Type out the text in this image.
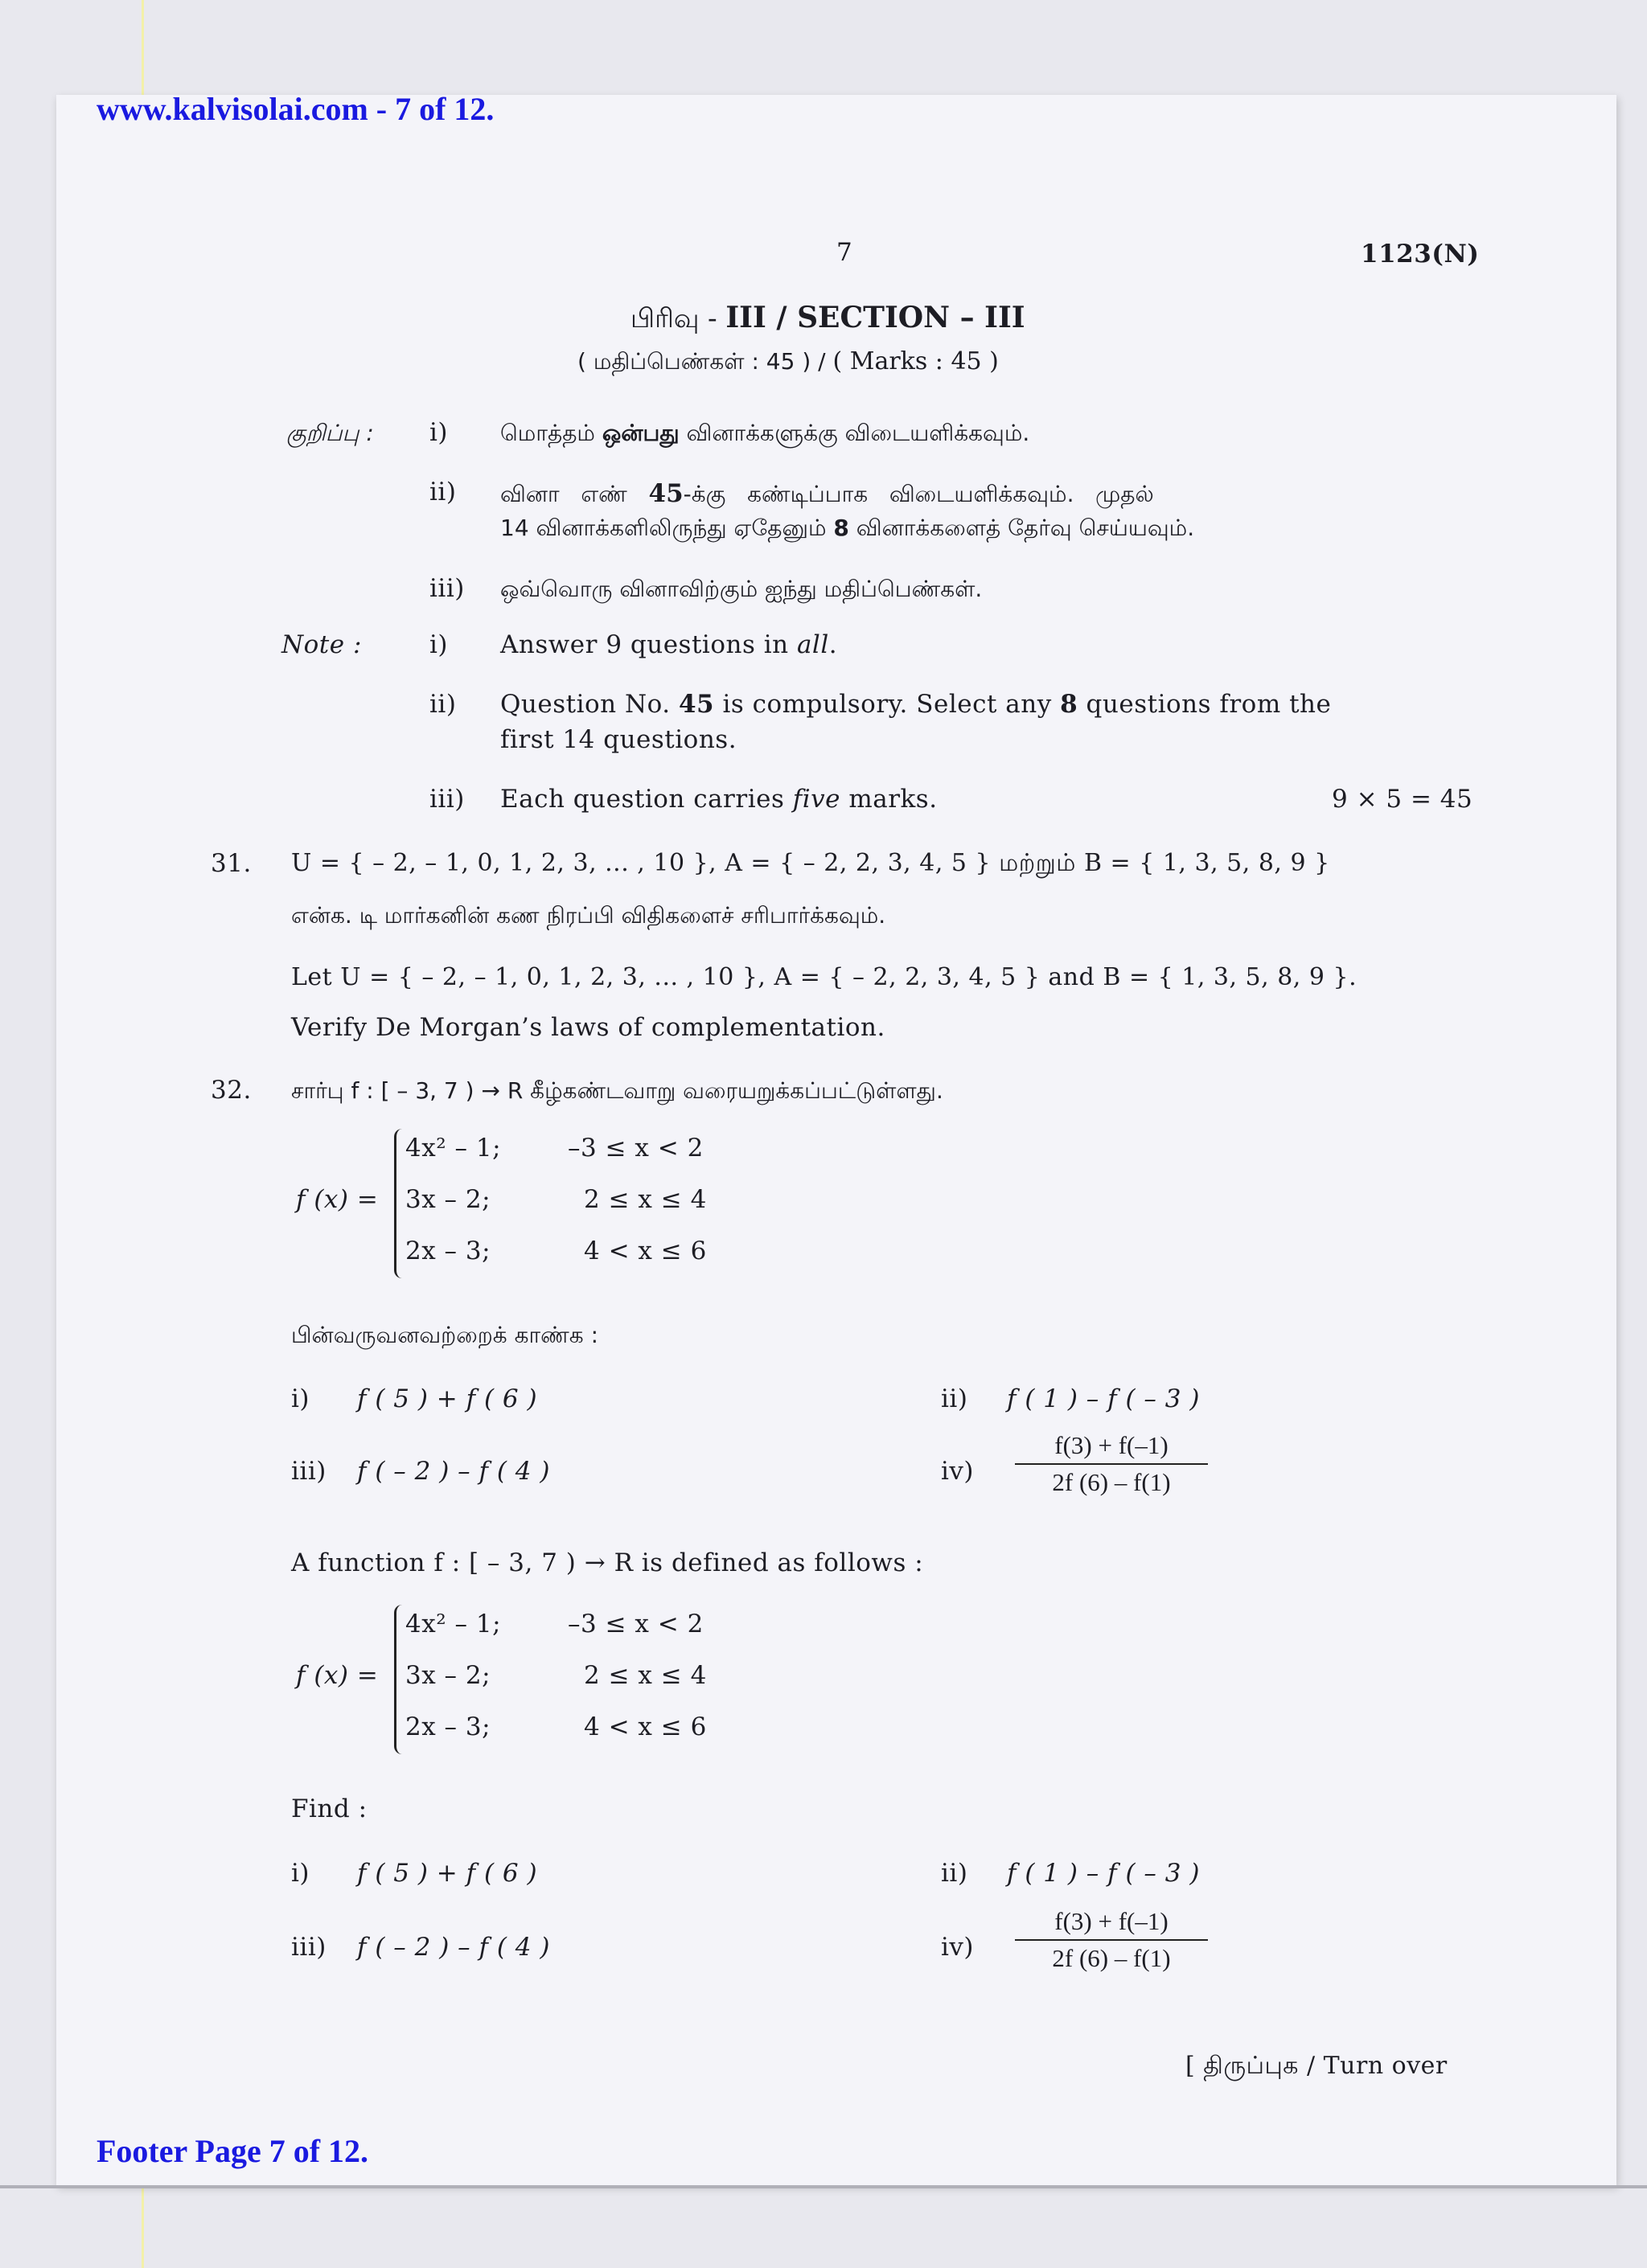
www.kalvisolai.com - 7 of 12.
7	1123(N)
பிரிவு - III / SECTION – III
( மதிப்பெண்கள் : 45 ) / ( Marks : 45 )
குறிப்பு : i) மொத்தம் ஒன்பது வினாக்களுக்கு விடையளிக்கவும்.
ii) வினா   எண்   45-க்கு   கண்டிப்பாக   விடையளிக்கவும்.   முதல்
14 வினாக்களிலிருந்து ஏதேனும் 8 வினாக்களைத் தேர்வு செய்யவும்.
iii) ஒவ்வொரு வினாவிற்கும் ஐந்து மதிப்பெண்கள்.
Note :	i) Answer 9 questions in all.
ii) Question No. 45 is compulsory. Select any 8 questions from the
first 14 questions.
iii) Each question carries five marks.	9 × 5 = 45
31. U = { – 2, – 1, 0, 1, 2, 3, ... , 10 }, A = { – 2, 2, 3, 4, 5 } மற்றும் B = { 1, 3, 5, 8, 9 }
என்க. டி மார்கனின் கண நிரப்பி விதிகளைச் சரிபார்க்கவும்.
Let U = { – 2, – 1, 0, 1, 2, 3, ... , 10 }, A = { – 2, 2, 3, 4, 5 } and B = { 1, 3, 5, 8, 9 }.
Verify De Morgan’s laws of complementation.
32. சார்பு f : [ – 3, 7 ) → R கீழ்கண்டவாறு வரையறுக்கப்பட்டுள்ளது.
f (x) =
4x² – 1;	–3 ≤ x < 2
3x – 2;	2 ≤ x ≤ 4
2x – 3;	4 < x ≤ 6
பின்வருவனவற்றைக் காண்க :
i) f ( 5 ) + f ( 6 )	ii) f ( 1 ) – f ( – 3 )
iii) f ( – 2 ) – f ( 4 )	iv)
f(3) + f(–1)
2f (6) – f(1)
A function f : [ – 3, 7 ) → R is defined as follows :
f (x) =
4x² – 1;	–3 ≤ x < 2
3x – 2;	2 ≤ x ≤ 4
2x – 3;	4 < x ≤ 6
Find :
i) f ( 5 ) + f ( 6 )	ii) f ( 1 ) – f ( – 3 )
iii) f ( – 2 ) – f ( 4 )	iv)
f(3) + f(–1)
2f (6) – f(1)
[ திருப்புக / Turn over
Footer Page 7 of 12.
